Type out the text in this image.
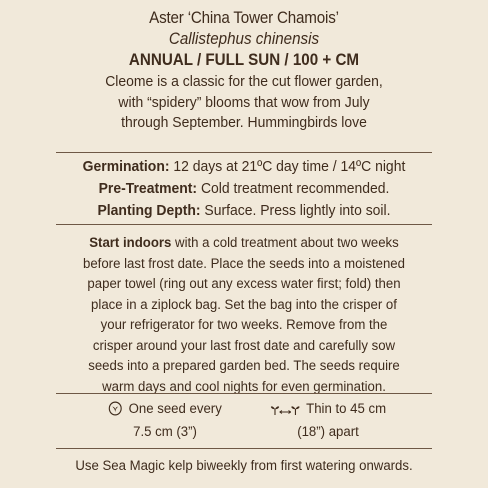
Aster ‘China Tower Chamois’
Callistephus chinensis
ANNUAL / FULL SUN / 100 + CM
Cleome is a classic for the cut flower garden,
with “spidery” blooms that wow from July
through September. Hummingbirds love
Germination: 12 days at 21ºC day time / 14ºC night
Pre-Treatment: Cold treatment recommended.
Planting Depth: Surface. Press lightly into soil.
Start indoors with a cold treatment about two weeks
before last frost date. Place the seeds into a moistened
paper towel (ring out any excess water first; fold) then
place in a ziplock bag. Set the bag into the crisper of
your refrigerator for two weeks. Remove from the
crisper around your last frost date and carefully sow
seeds into a prepared garden bed. The seeds require
warm days and cool nights for even germination.
One seed every
7.5 cm (3”)
Thin to 45 cm
(18”) apart
Use Sea Magic kelp biweekly from first watering onwards.
